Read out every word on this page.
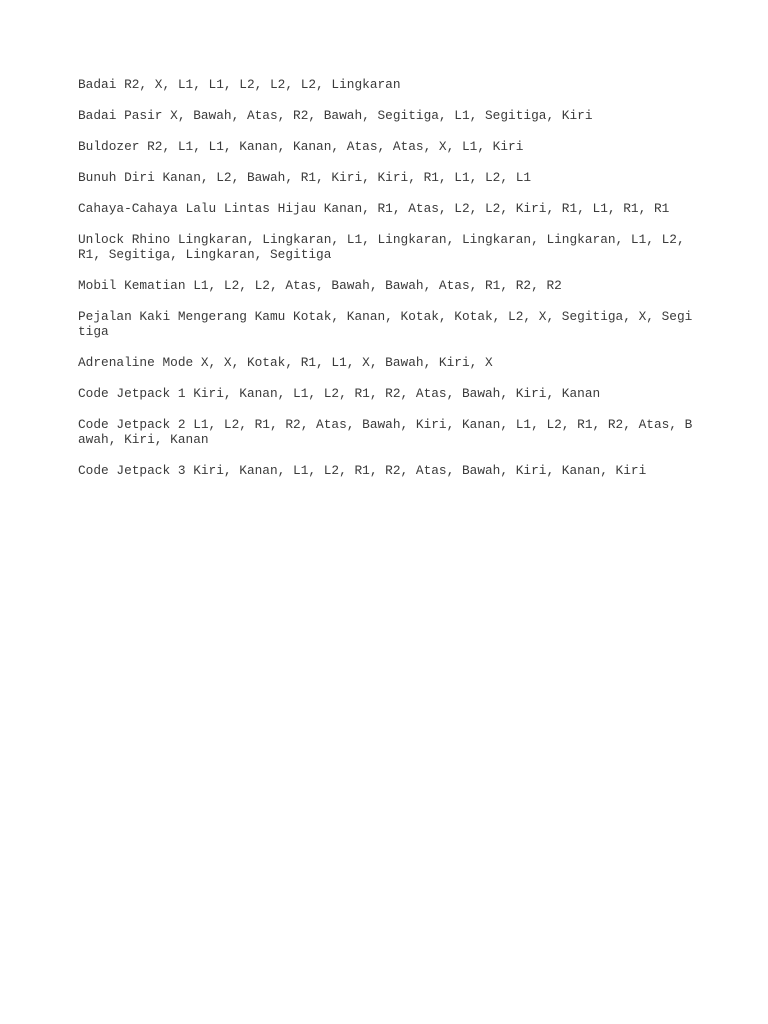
Badai R2, X, L1, L1, L2, L2, L2, Lingkaran

Badai Pasir X, Bawah, Atas, R2, Bawah, Segitiga, L1, Segitiga, Kiri

Buldozer R2, L1, L1, Kanan, Kanan, Atas, Atas, X, L1, Kiri

Bunuh Diri Kanan, L2, Bawah, R1, Kiri, Kiri, R1, L1, L2, L1

Cahaya-Cahaya Lalu Lintas Hijau Kanan, R1, Atas, L2, L2, Kiri, R1, L1, R1, R1

Unlock Rhino Lingkaran, Lingkaran, L1, Lingkaran, Lingkaran, Lingkaran, L1, L2,
R1, Segitiga, Lingkaran, Segitiga

Mobil Kematian L1, L2, L2, Atas, Bawah, Bawah, Atas, R1, R2, R2

Pejalan Kaki Mengerang Kamu Kotak, Kanan, Kotak, Kotak, L2, X, Segitiga, X, Segi
tiga

Adrenaline Mode X, X, Kotak, R1, L1, X, Bawah, Kiri, X

Code Jetpack 1 Kiri, Kanan, L1, L2, R1, R2, Atas, Bawah, Kiri, Kanan

Code Jetpack 2 L1, L2, R1, R2, Atas, Bawah, Kiri, Kanan, L1, L2, R1, R2, Atas, B
awah, Kiri, Kanan

Code Jetpack 3 Kiri, Kanan, L1, L2, R1, R2, Atas, Bawah, Kiri, Kanan, Kiri
